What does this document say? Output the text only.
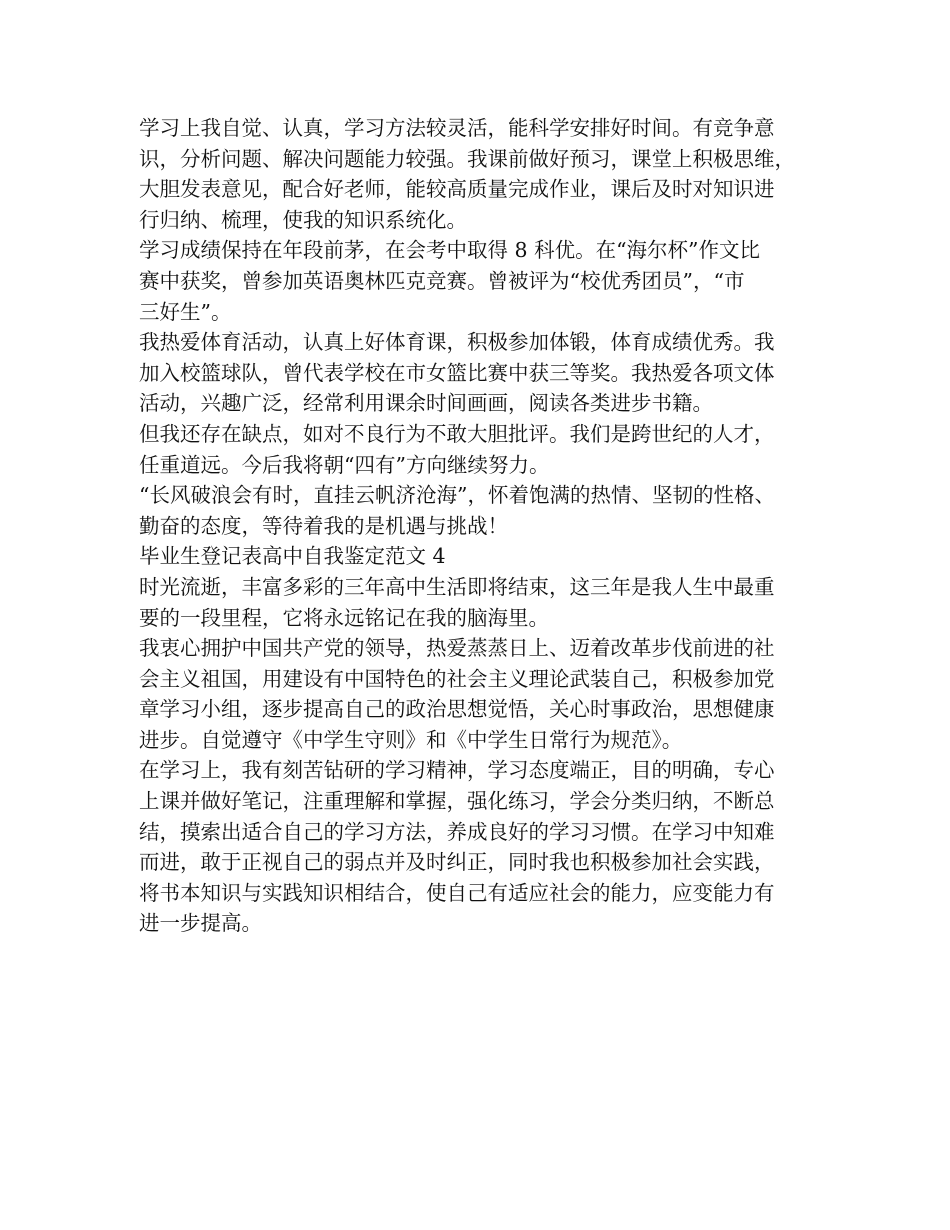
学习上我自觉、认真，学习方法较灵活，能科学安排好时间。有竞争意
识，分析问题、解决问题能力较强。我课前做好预习，课堂上积极思维，
大胆发表意见，配合好老师，能较高质量完成作业，课后及时对知识进
行归纳、梳理，使我的知识系统化。
学习成绩保持在年段前茅，在会考中取得 8 科优。在“海尔杯”作文比
赛中获奖，曾参加英语奥林匹克竞赛。曾被评为“校优秀团员”，“市
三好生”。
我热爱体育活动，认真上好体育课，积极参加体锻，体育成绩优秀。我
加入校篮球队，曾代表学校在市女篮比赛中获三等奖。我热爱各项文体
活动，兴趣广泛，经常利用课余时间画画，阅读各类进步书籍。
但我还存在缺点，如对不良行为不敢大胆批评。我们是跨世纪的人才，
任重道远。今后我将朝“四有”方向继续努力。
“长风破浪会有时，直挂云帆济沧海”，怀着饱满的热情、坚韧的性格、
勤奋的态度，等待着我的是机遇与挑战！
毕业生登记表高中自我鉴定范文 4
时光流逝，丰富多彩的三年高中生活即将结束，这三年是我人生中最重
要的一段里程，它将永远铭记在我的脑海里。
我衷心拥护中国共产党的领导，热爱蒸蒸日上、迈着改革步伐前进的社
会主义祖国，用建设有中国特色的社会主义理论武装自己，积极参加党
章学习小组，逐步提高自己的政治思想觉悟，关心时事政治，思想健康
进步。自觉遵守《中学生守则》和《中学生日常行为规范》。
在学习上，我有刻苦钻研的学习精神，学习态度端正，目的明确，专心
上课并做好笔记，注重理解和掌握，强化练习，学会分类归纳，不断总
结，摸索出适合自己的学习方法，养成良好的学习习惯。在学习中知难
而进，敢于正视自己的弱点并及时纠正，同时我也积极参加社会实践，
将书本知识与实践知识相结合，使自己有适应社会的能力，应变能力有
进一步提高。
